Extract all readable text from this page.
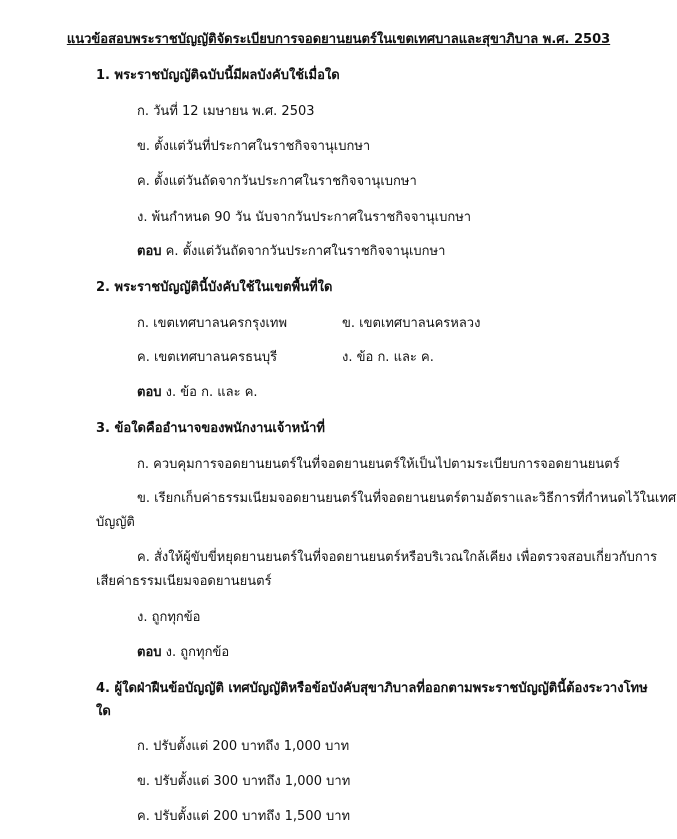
แนวข้อสอบพระราชบัญญัติจัดระเบียบการจอดยานยนตร์ในเขตเทศบาลและสุขาภิบาล พ.ศ. 2503
1. พระราชบัญญัติฉบับนี้มีผลบังคับใช้เมื่อใด
ก. วันที่ 12 เมษายน พ.ศ. 2503
ข. ตั้งแต่วันที่ประกาศในราชกิจจานุเบกษา
ค. ตั้งแต่วันถัดจากวันประกาศในราชกิจจานุเบกษา
ง. พ้นกำหนด 90 วัน นับจากวันประกาศในราชกิจจานุเบกษา
ตอบ ค. ตั้งแต่วันถัดจากวันประกาศในราชกิจจานุเบกษา
2. พระราชบัญญัตินี้บังคับใช้ในเขตพื้นที่ใด
ก. เขตเทศบาลนครกรุงเทพ	ข. เขตเทศบาลนครหลวง
ค. เขตเทศบาลนครธนบุรี	ง. ข้อ ก. และ ค.
ตอบ ง. ข้อ ก. และ ค.
3. ข้อใดคืออำนาจของพนักงานเจ้าหน้าที่
ก. ควบคุมการจอดยานยนตร์ในที่จอดยานยนตร์ให้เป็นไปตามระเบียบการจอดยานยนตร์
ข. เรียกเก็บค่าธรรมเนียมจอดยานยนตร์ในที่จอดยานยนตร์ตามอัตราและวิธีการที่กำหนดไว้ในเทศ
บัญญัติ
ค. สั่งให้ผู้ขับขี่หยุดยานยนตร์ในที่จอดยานยนตร์หรือบริเวณใกล้เคียง เพื่อตรวจสอบเกี่ยวกับการ
เสียค่าธรรมเนียมจอดยานยนตร์
ง. ถูกทุกข้อ
ตอบ ง. ถูกทุกข้อ
4. ผู้ใดฝ่าฝืนข้อบัญญัติ เทศบัญญัติหรือข้อบังคับสุขาภิบาลที่ออกตามพระราชบัญญัตินี้ต้องระวางโทษ
ใด
ก. ปรับตั้งแต่ 200 บาทถึง 1,000 บาท
ข. ปรับตั้งแต่ 300 บาทถึง 1,000 บาท
ค. ปรับตั้งแต่ 200 บาทถึง 1,500 บาท
